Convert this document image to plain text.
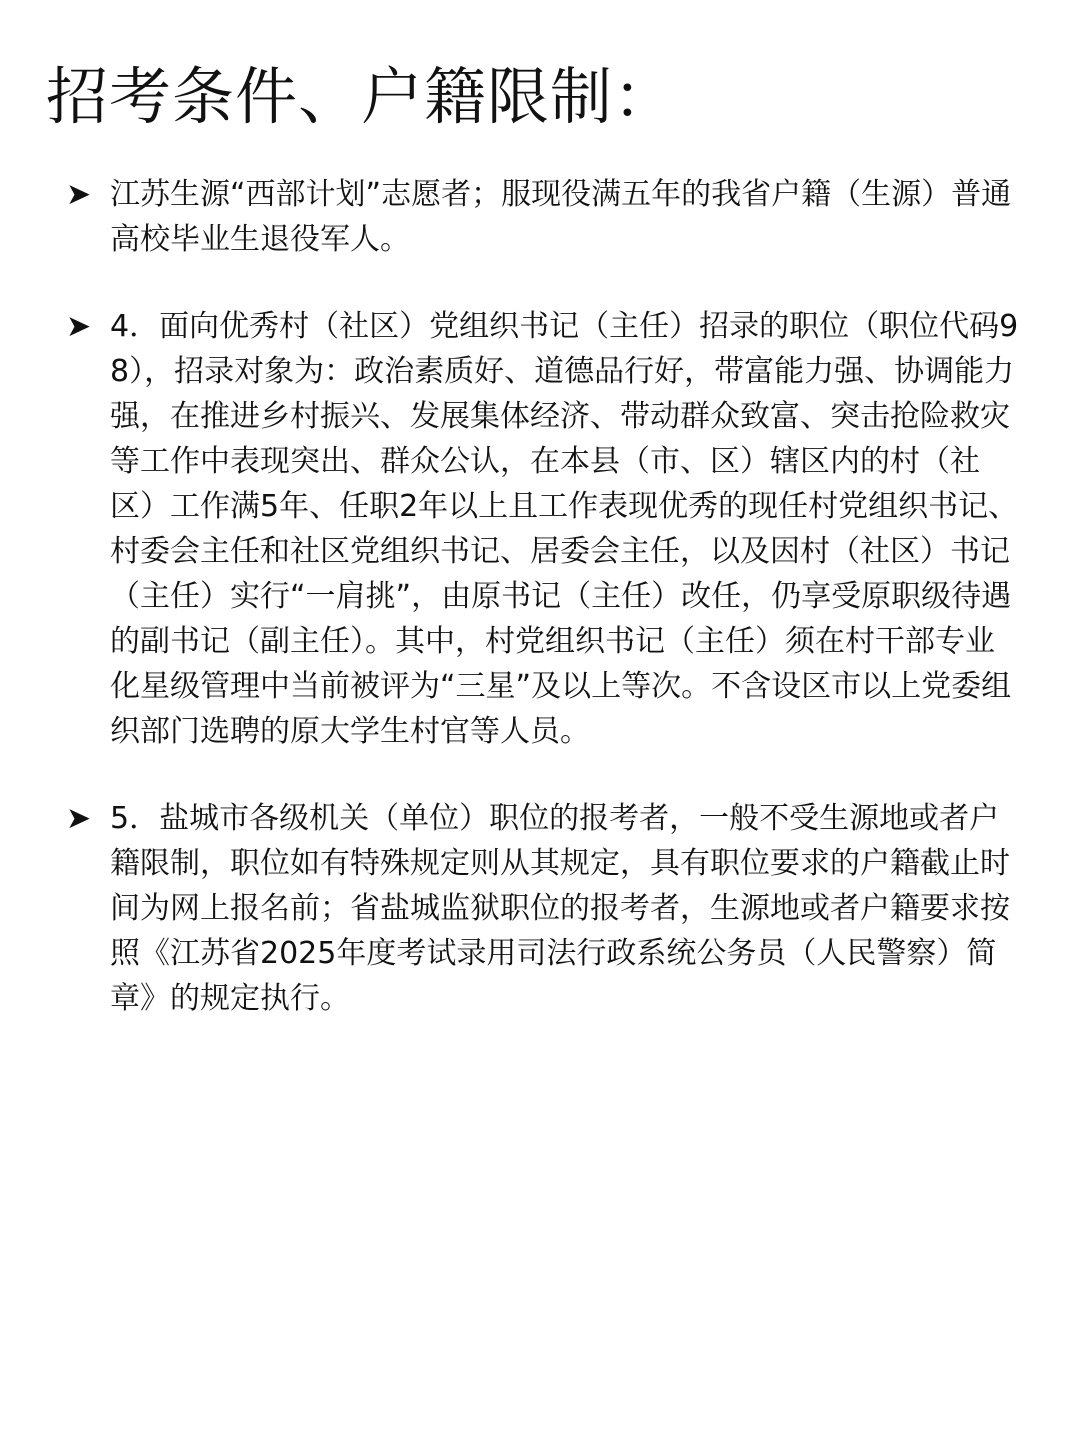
招考条件、户籍限制：
➤ 江苏生源“西部计划”志愿者；服现役满五年的我省户籍（生源）普通高校毕业生退役军人。
➤ 4．面向优秀村（社区）党组织书记（主任）招录的职位（职位代码98），招录对象为：政治素质好、道德品行好，带富能力强、协调能力强，在推进乡村振兴、发展集体经济、带动群众致富、突击抢险救灾等工作中表现突出、群众公认，在本县（市、区）辖区内的村（社区）工作满5年、任职2年以上且工作表现优秀的现任村党组织书记、村委会主任和社区党组织书记、居委会主任，以及因村（社区）书记（主任）实行“一肩挑”，由原书记（主任）改任，仍享受原职级待遇的副书记（副主任）。其中，村党组织书记（主任）须在村干部专业化星级管理中当前被评为“三星”及以上等次。不含设区市以上党委组织部门选聘的原大学生村官等人员。
➤ 5．盐城市各级机关（单位）职位的报考者，一般不受生源地或者户籍限制，职位如有特殊规定则从其规定，具有职位要求的户籍截止时间为网上报名前；省盐城监狱职位的报考者，生源地或者户籍要求按照《江苏省2025年度考试录用司法行政系统公务员（人民警察）简章》的规定执行。
